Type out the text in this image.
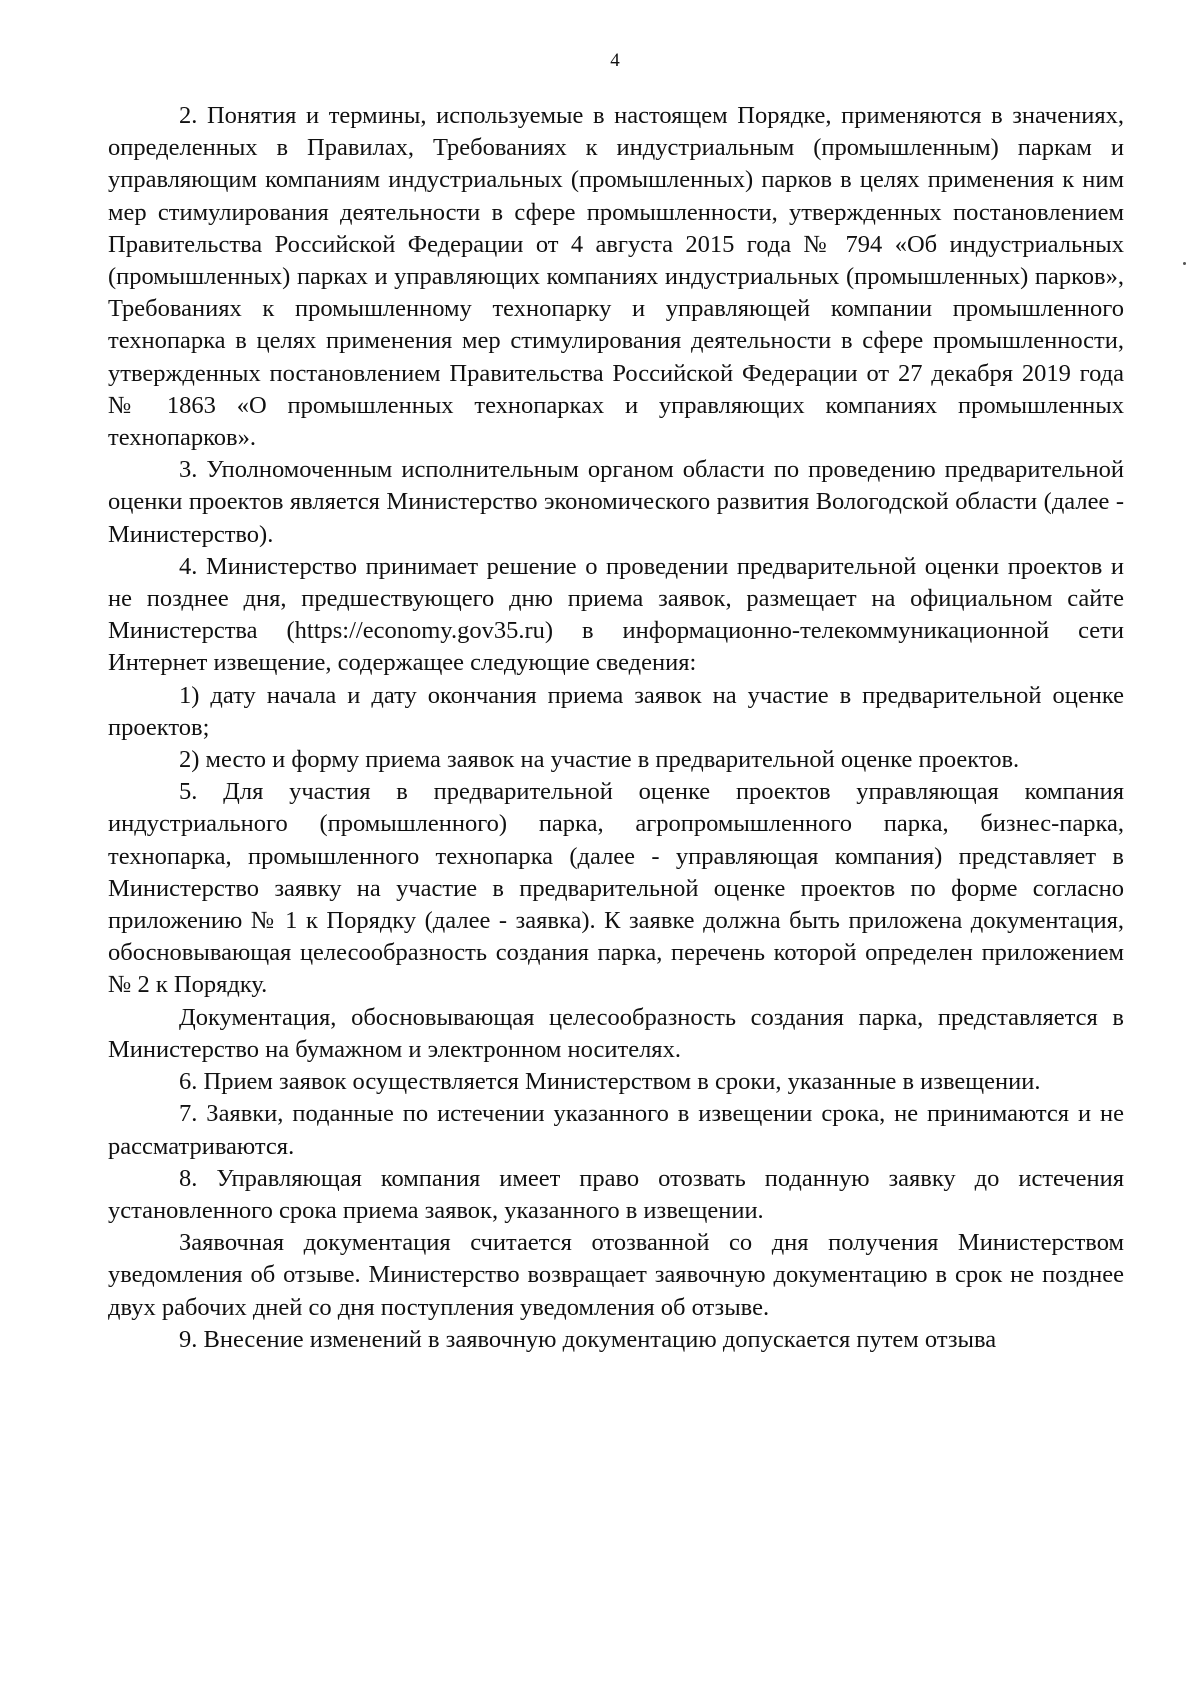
4

2. Понятия и термины, используемые в настоящем Порядке, применяются в значениях, определенных в Правилах, Требованиях к индустриальным (промышленным) паркам и управляющим компаниям индустриальных (промышленных) парков в целях применения к ним мер стимулирования деятельности в сфере промышленности, утвержденных постановлением Правительства Российской Федерации от 4 августа 2015 года № 794 «Об индустриальных (промышленных) парках и управляющих компаниях индустриальных (промышленных) парков», Требованиях к промышленному технопарку и управляющей компании промышленного технопарка в целях применения мер стимулирования деятельности в сфере промышленности, утвержденных постановлением Правительства Российской Федерации от 27 декабря 2019 года № 1863 «О промышленных технопарках и управляющих компаниях промышленных технопарков».

3. Уполномоченным исполнительным органом области по проведению предварительной оценки проектов является Министерство экономического развития Вологодской области (далее - Министерство).

4. Министерство принимает решение о проведении предварительной оценки проектов и не позднее дня, предшествующего дню приема заявок, размещает на официальном сайте Министерства (https://economy.gov35.ru) в информационно-телекоммуникационной сети Интернет извещение, содержащее следующие сведения:

1) дату начала и дату окончания приема заявок на участие в предварительной оценке проектов;

2) место и форму приема заявок на участие в предварительной оценке проектов.

5. Для участия в предварительной оценке проектов управляющая компания индустриального (промышленного) парка, агропромышленного парка, бизнес-парка, технопарка, промышленного технопарка (далее - управляющая компания) представляет в Министерство заявку на участие в предварительной оценке проектов по форме согласно приложению № 1 к Порядку (далее - заявка). К заявке должна быть приложена документация, обосновывающая целесообразность создания парка, перечень которой определен приложением № 2 к Порядку.

Документация, обосновывающая целесообразность создания парка, представляется в Министерство на бумажном и электронном носителях.

6. Прием заявок осуществляется Министерством в сроки, указанные в извещении.

7. Заявки, поданные по истечении указанного в извещении срока, не принимаются и не рассматриваются.

8. Управляющая компания имеет право отозвать поданную заявку до истечения установленного срока приема заявок, указанного в извещении.

Заявочная документация считается отозванной со дня получения Министерством уведомления об отзыве. Министерство возвращает заявочную документацию в срок не позднее двух рабочих дней со дня поступления уведомления об отзыве.

9. Внесение изменений в заявочную документацию допускается путем отзыва
